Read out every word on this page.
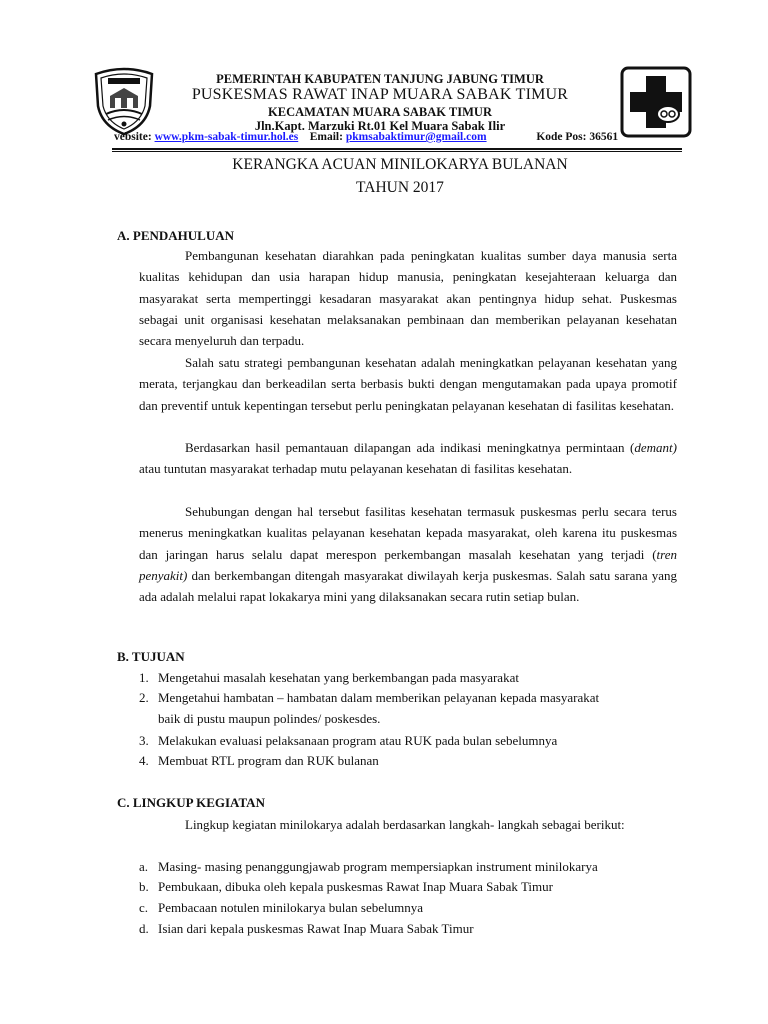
PEMERINTAH KABUPATEN TANJUNG JABUNG TIMUR
PUSKESMAS RAWAT INAP MUARA SABAK TIMUR
KECAMATAN MUARA SABAK TIMUR
Jln.Kapt. Marzuki Rt.01 Kel Muara Sabak Ilir
vebsite: www.pkm-sabak-timur.hol.es Email: pkmsabaktimur@gmail.com	Kode Pos: 36561
KERANGKA ACUAN MINILOKARYA BULANAN
TAHUN 2017
A. PENDAHULUAN
Pembangunan kesehatan diarahkan pada peningkatan kualitas sumber daya manusia serta kualitas kehidupan dan usia harapan hidup manusia, peningkatan kesejahteraan keluarga dan masyarakat serta mempertinggi kesadaran masyarakat akan pentingnya hidup sehat. Puskesmas sebagai unit organisasi kesehatan melaksanakan pembinaan dan memberikan pelayanan kesehatan secara menyeluruh dan terpadu.
Salah satu strategi pembangunan kesehatan adalah meningkatkan pelayanan kesehatan yang merata, terjangkau dan berkeadilan serta berbasis bukti dengan mengutamakan pada upaya promotif dan preventif untuk kepentingan tersebut perlu peningkatan pelayanan kesehatan di fasilitas kesehatan.
Berdasarkan hasil pemantauan dilapangan ada indikasi meningkatnya permintaan (demant) atau tuntutan masyarakat terhadap mutu pelayanan kesehatan di fasilitas kesehatan.
Sehubungan dengan hal tersebut fasilitas kesehatan termasuk puskesmas perlu secara terus menerus meningkatkan kualitas pelayanan kesehatan kepada masyarakat, oleh karena itu puskesmas dan jaringan harus selalu dapat merespon perkembangan masalah kesehatan yang terjadi (tren penyakit) dan berkembangan ditengah masyarakat diwilayah kerja puskesmas. Salah satu sarana yang ada adalah melalui rapat lokakarya mini yang dilaksanakan secara rutin setiap bulan.
B. TUJUAN
1. Mengetahui masalah kesehatan yang berkembangan pada masyarakat
2. Mengetahui hambatan – hambatan dalam memberikan pelayanan kepada masyarakat
baik di pustu maupun polindes/ poskesdes.
3. Melakukan evaluasi pelaksanaan program atau RUK pada bulan sebelumnya
4. Membuat RTL program dan RUK bulanan
C. LINGKUP KEGIATAN
Lingkup kegiatan minilokarya adalah berdasarkan langkah- langkah sebagai berikut:
a. Masing- masing penanggungjawab program mempersiapkan instrument minilokarya
b. Pembukaan, dibuka oleh kepala puskesmas Rawat Inap Muara Sabak Timur
c. Pembacaan notulen minilokarya bulan sebelumnya
d. Isian dari kepala puskesmas Rawat Inap Muara Sabak Timur
